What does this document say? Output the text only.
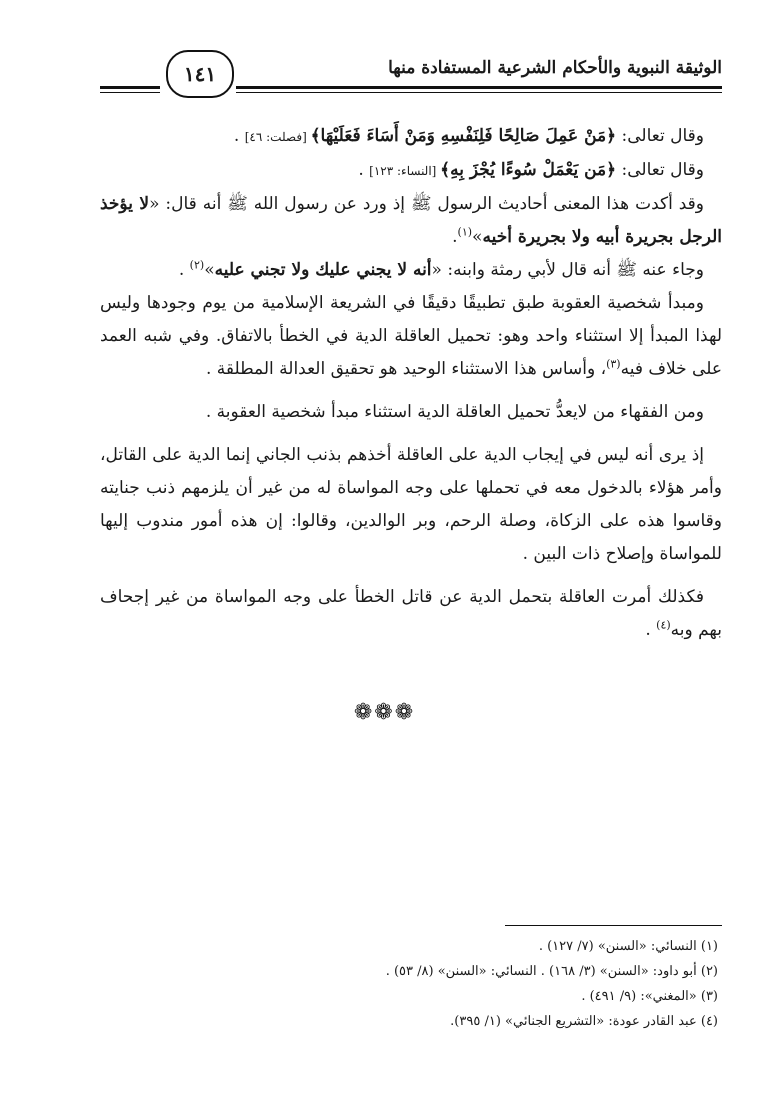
الوثيقة النبوية والأحكام الشرعية المستفادة منها
١٤١

وقال تعالى: ﴿مَنْ عَمِلَ صَالِحًا فَلِنَفْسِهِ وَمَنْ أَسَاءَ فَعَلَيْهَا﴾ [فصلت: ٤٦] .

وقال تعالى: ﴿مَن يَعْمَلْ سُوءًا يُجْزَ بِهِ﴾ [النساء: ١٢٣] .

وقد أكدت هذا المعنى أحاديث الرسول ﷺ إذ ورد عن رسول الله ﷺ أنه قال: «لا يؤخذ الرجل بجريرة أبيه ولا بجريرة أخيه»$^{(١)}$.

وجاء عنه ﷺ أنه قال لأبي رمثة وابنه: «أنه لا يجني عليك ولا تجني عليه»$^{(٢)}$ .

ومبدأ شخصية العقوبة طبق تطبيقًا دقيقًا في الشريعة الإسلامية من يوم وجودها وليس لهذا المبدأ إلا استثناء واحد وهو: تحميل العاقلة الدية في الخطأ بالاتفاق. وفي شبه العمد على خلاف فيه$^{(٣)}$، وأساس هذا الاستثناء الوحيد هو تحقيق العدالة المطلقة .

ومن الفقهاء من لايعدُّ تحميل العاقلة الدية استثناء مبدأ شخصية العقوبة .

إذ يرى أنه ليس في إيجاب الدية على العاقلة أخذهم بذنب الجاني إنما الدية على القاتل، وأمر هؤلاء بالدخول معه في تحملها على وجه المواساة له من غير أن يلزمهم ذنب جنايته وقاسوا هذه على الزكاة، وصلة الرحم، وبر الوالدين، وقالوا: إن هذه أمور مندوب إليها للمواساة وإصلاح ذات البين .

فكذلك أمرت العاقلة بتحمل الدية عن قاتل الخطأ على وجه المواساة من غير إجحاف بهم وبه$^{(٤)}$ .

❁❁❁

(١) النسائي: «السنن» (٧/ ١٢٧) .

(٢) أبو داود: «السنن» (٣/ ١٦٨) . النسائي: «السنن» (٨/ ٥٣) .

(٣) «المغني»: (٩/ ٤٩١) .

(٤) عبد القادر عودة: «التشريع الجنائي» (١/ ٣٩٥).
